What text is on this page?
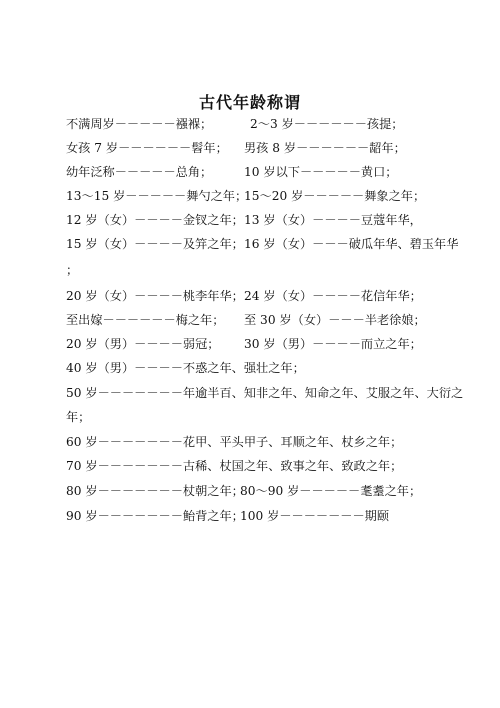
古代年龄称谓
不满周岁－－－－－襁褓；	2～3 岁－－－－－－孩提；
女孩 7 岁－－－－－－髫年； 男孩 8 岁－－－－－－龆年；
幼年泛称－－－－－总角；	10 岁以下－－－－－黄口；
13～15 岁－－－－－舞勺之年；
15～20 岁－－－－－舞象之年；
12 岁（女）－－－－金钗之年； 13 岁（女）－－－－豆蔻年华，
15 岁（女）－－－－及笄之年； 16 岁（女）－－－破瓜年华、碧玉年华
；
20 岁（女）－－－－桃李年华； 24 岁（女）－－－－花信年华；
至出嫁－－－－－－梅之年； 至 30 岁（女）－－－半老徐娘；
20 岁（男）－－－－弱冠； 30 岁（男）－－－－而立之年；
40 岁（男）－－－－不惑之年、强壮之年；
50 岁－－－－－－－年逾半百、知非之年、知命之年、艾服之年、大衍之
年；
60 岁－－－－－－－花甲、平头甲子、耳顺之年、杖乡之年；
70 岁－－－－－－－古稀、杖国之年、致事之年、致政之年；
80 岁－－－－－－－杖朝之年；
80～90 岁－－－－－耄耋之年；
90 岁－－－－－－－鲐背之年；
100 岁－－－－－－－期颐
